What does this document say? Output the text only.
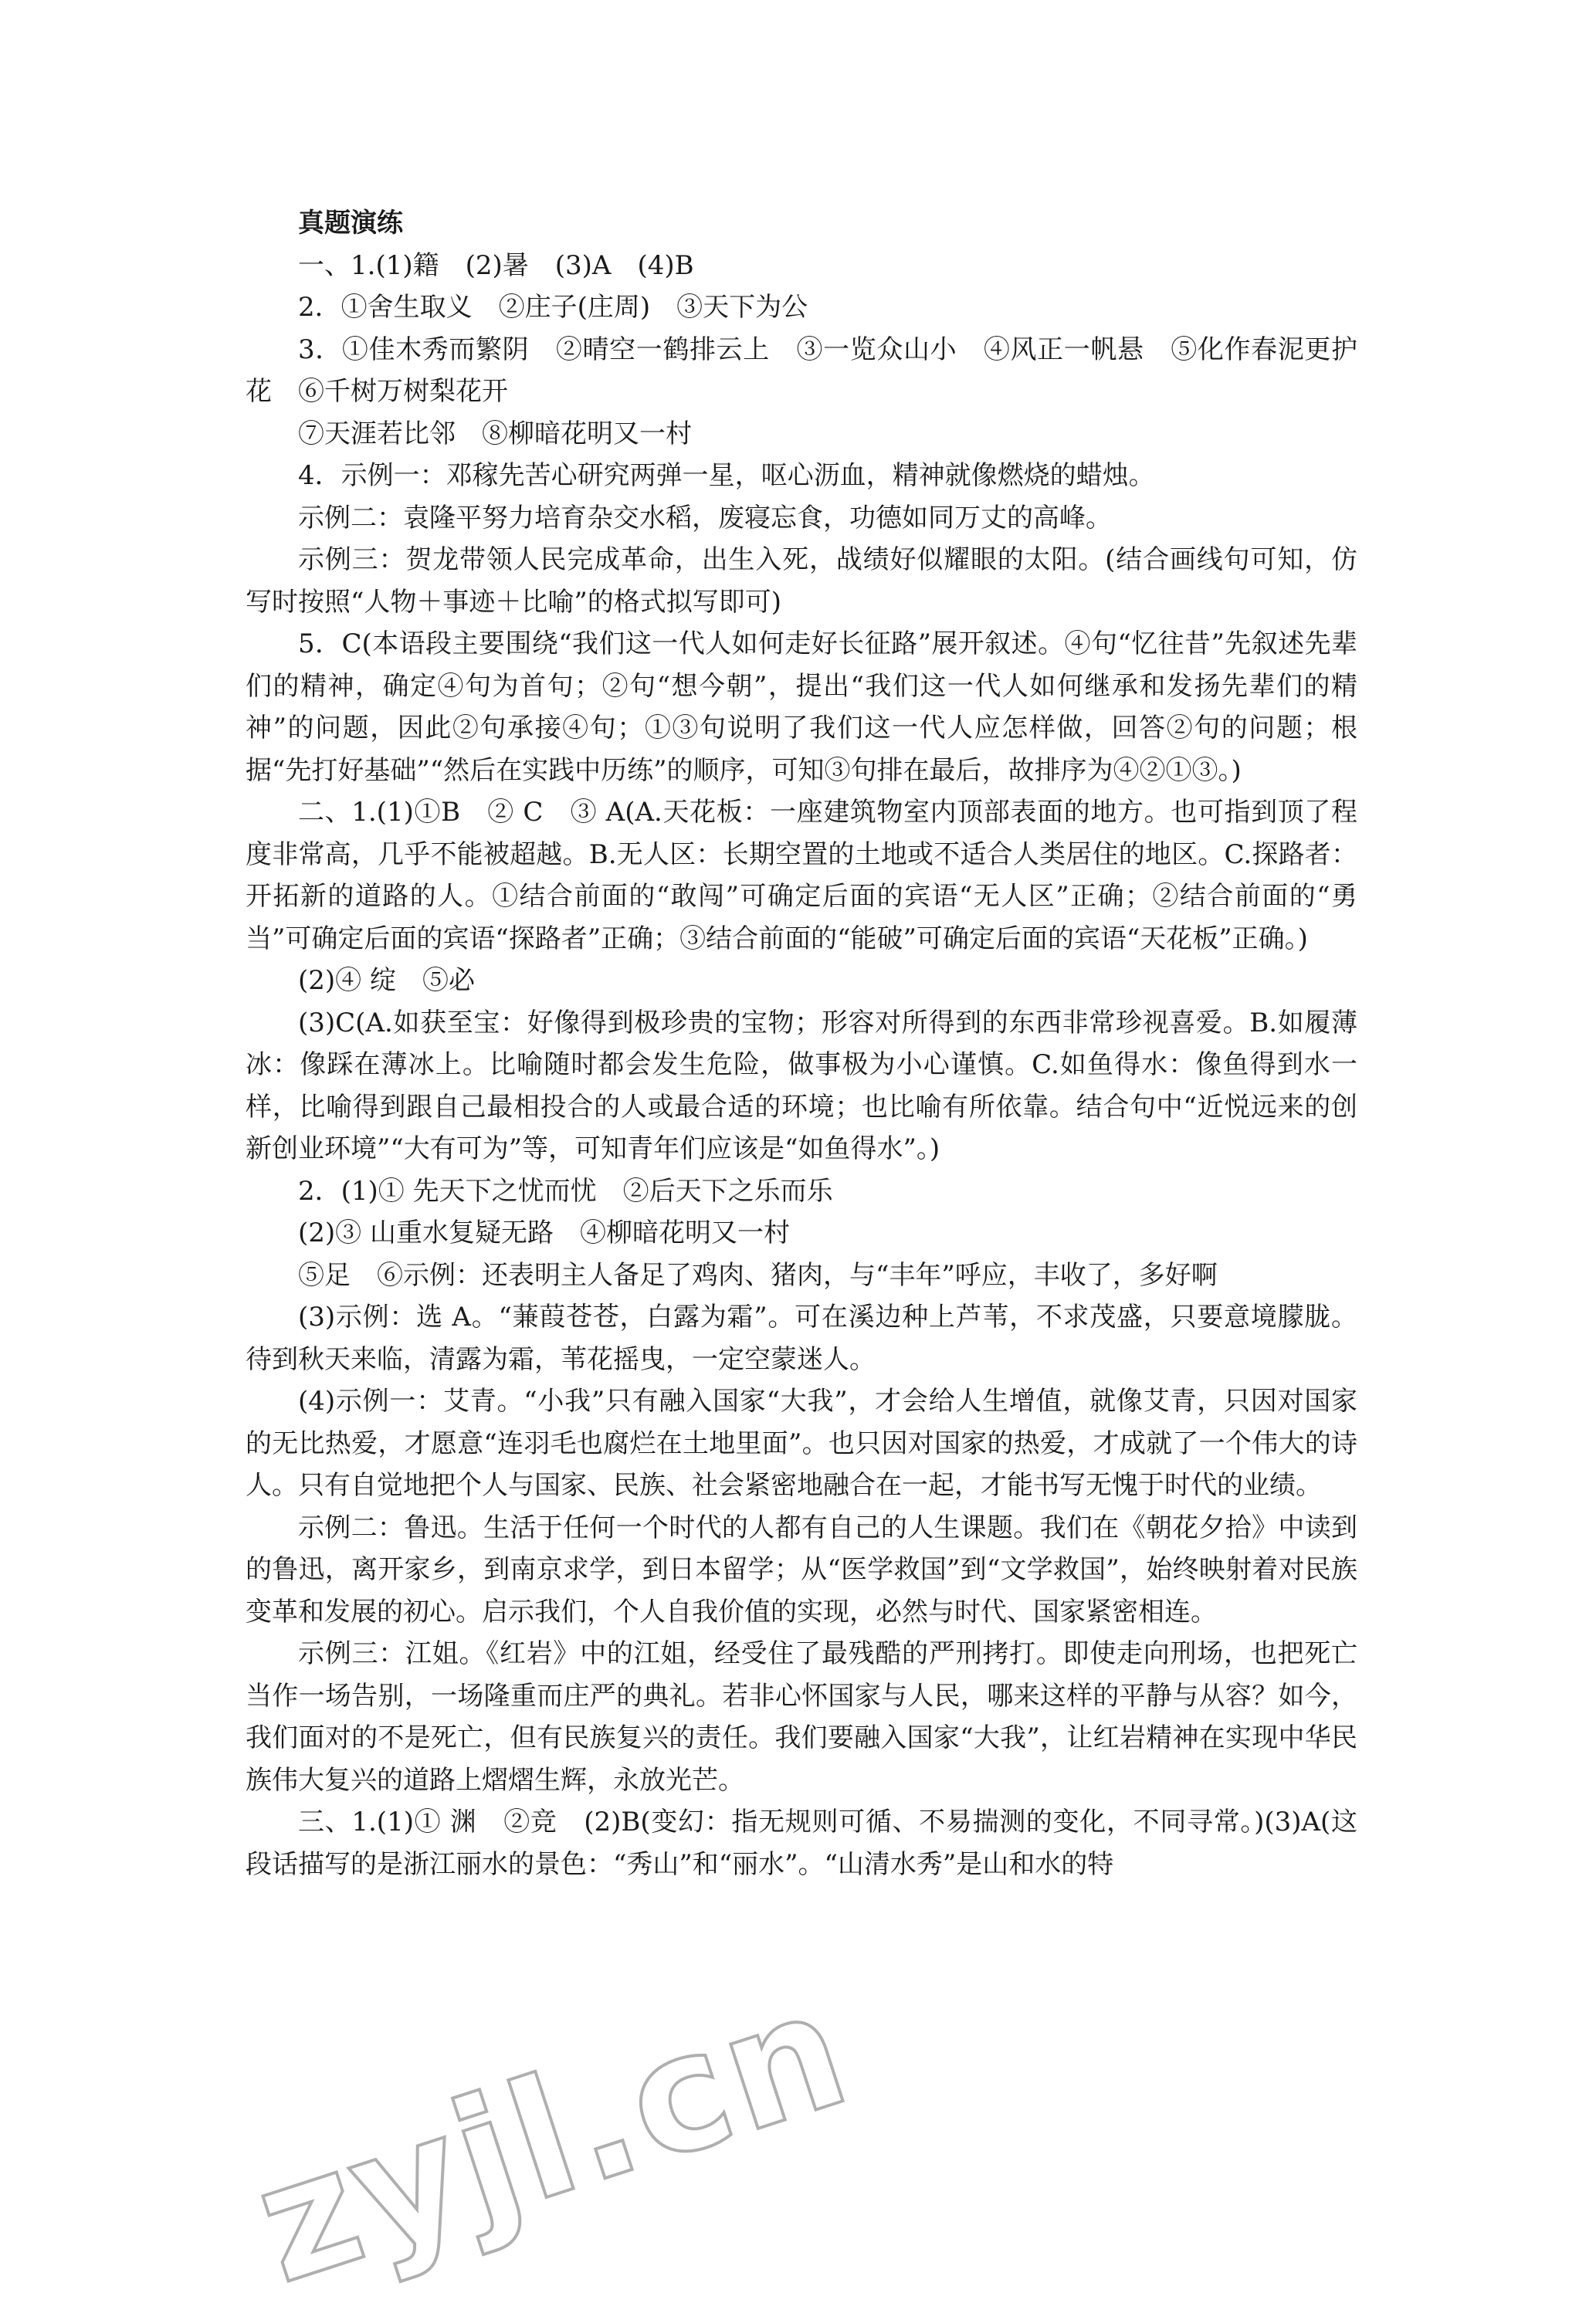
真题演练

一、1.(1)籍　(2)暑　(3)A　(4)B

2．①舍生取义　②庄子(庄周)　③天下为公

3．①佳木秀而繁阴　②晴空一鹤排云上　③一览众山小　④风正一帆悬　⑤化作春泥更护花　⑥千树万树梨花开

⑦天涯若比邻　⑧柳暗花明又一村

4．示例一：邓稼先苦心研究两弹一星，呕心沥血，精神就像燃烧的蜡烛。

示例二：袁隆平努力培育杂交水稻，废寝忘食，功德如同万丈的高峰。

示例三：贺龙带领人民完成革命，出生入死，战绩好似耀眼的太阳。(结合画线句可知，仿写时按照“人物＋事迹＋比喻”的格式拟写即可)

5．C(本语段主要围绕“我们这一代人如何走好长征路”展开叙述。④句“忆往昔”先叙述先辈们的精神，确定④句为首句；②句“想今朝”，提出“我们这一代人如何继承和发扬先辈们的精神”的问题，因此②句承接④句；①③句说明了我们这一代人应怎样做，回答②句的问题；根据“先打好基础”“然后在实践中历练”的顺序，可知③句排在最后，故排序为④②①③。)

二、1.(1)①B　② C　③ A(A.天花板：一座建筑物室内顶部表面的地方。也可指到顶了程度非常高，几乎不能被超越。B.无人区：长期空置的土地或不适合人类居住的地区。C.探路者：开拓新的道路的人。①结合前面的“敢闯”可确定后面的宾语“无人区”正确；②结合前面的“勇当”可确定后面的宾语“探路者”正确；③结合前面的“能破”可确定后面的宾语“天花板”正确。)

(2)④ 绽　⑤必

(3)C(A.如获至宝：好像得到极珍贵的宝物；形容对所得到的东西非常珍视喜爱。B.如履薄冰：像踩在薄冰上。比喻随时都会发生危险，做事极为小心谨慎。C.如鱼得水：像鱼得到水一样，比喻得到跟自己最相投合的人或最合适的环境；也比喻有所依靠。结合句中“近悦远来的创新创业环境”“大有可为”等，可知青年们应该是“如鱼得水”。)

2．(1)① 先天下之忧而忧　②后天下之乐而乐

(2)③ 山重水复疑无路　④柳暗花明又一村

⑤足　⑥示例：还表明主人备足了鸡肉、猪肉，与“丰年”呼应，丰收了，多好啊

(3)示例：选 A。“蒹葭苍苍，白露为霜”。可在溪边种上芦苇，不求茂盛，只要意境朦胧。待到秋天来临，清露为霜，苇花摇曳，一定空蒙迷人。

(4)示例一：艾青。“小我”只有融入国家“大我”，才会给人生增值，就像艾青，只因对国家的无比热爱，才愿意“连羽毛也腐烂在土地里面”。也只因对国家的热爱，才成就了一个伟大的诗人。只有自觉地把个人与国家、民族、社会紧密地融合在一起，才能书写无愧于时代的业绩。

示例二：鲁迅。生活于任何一个时代的人都有自己的人生课题。我们在《朝花夕拾》中读到的鲁迅，离开家乡，到南京求学，到日本留学；从“医学救国”到“文学救国”，始终映射着对民族变革和发展的初心。启示我们，个人自我价值的实现，必然与时代、国家紧密相连。

示例三：江姐。《红岩》中的江姐，经受住了最残酷的严刑拷打。即使走向刑场，也把死亡当作一场告别，一场隆重而庄严的典礼。若非心怀国家与人民，哪来这样的平静与从容？如今，我们面对的不是死亡，但有民族复兴的责任。我们要融入国家“大我”，让红岩精神在实现中华民族伟大复兴的道路上熠熠生辉，永放光芒。

三、1.(1)① 渊　②竞　(2)B(变幻：指无规则可循、不易揣测的变化，不同寻常。)(3)A(这段话描写的是浙江丽水的景色：“秀山”和“丽水”。“山清水秀”是山和水的特

zyjl.cn
